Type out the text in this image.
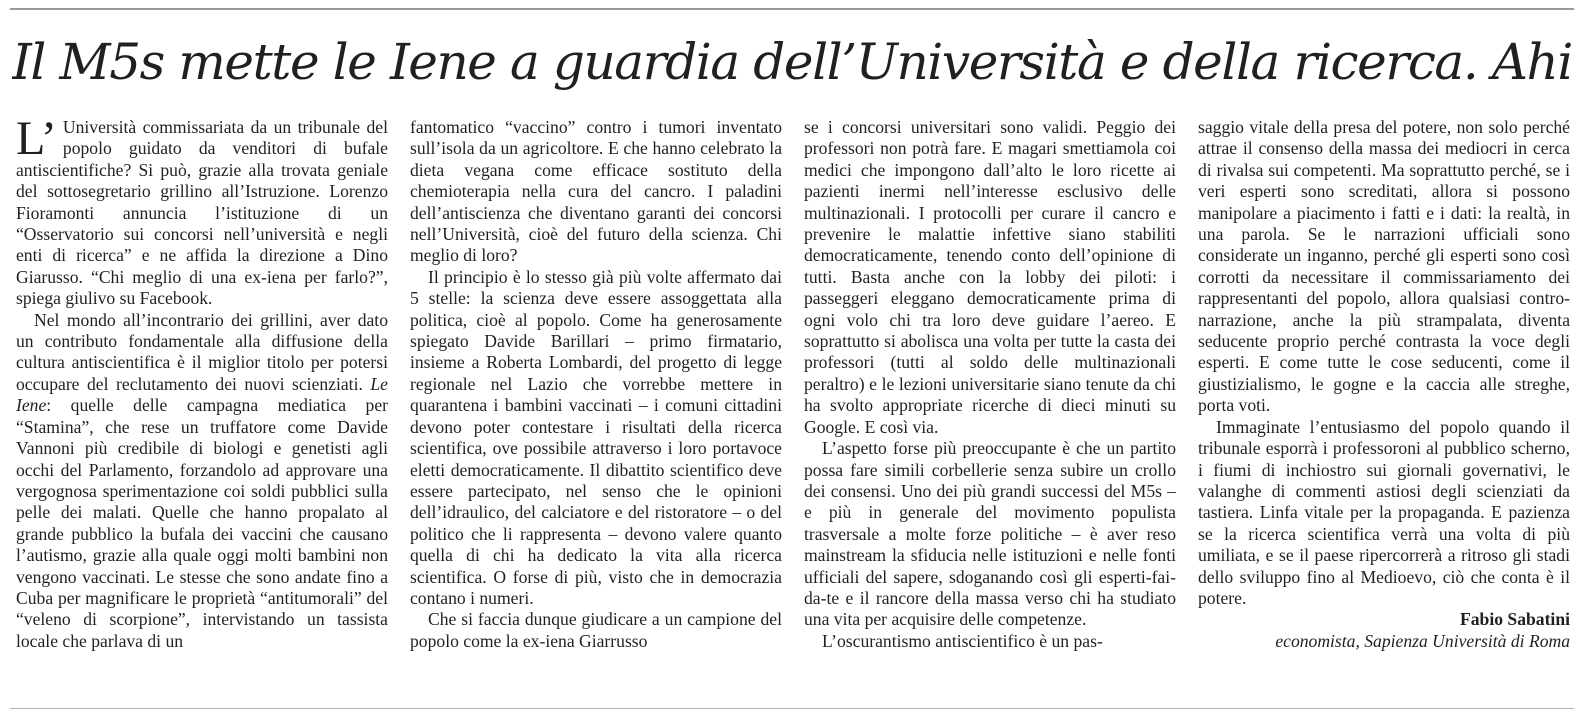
Il M5s mette le Iene a guardia dell’Università e della ricerca. Ahi

L’ Università commissariata da un tribunale del popolo guidato da venditori di bufale antiscientifiche? Si può, grazie alla trovata geniale del sottosegretario grillino all’Istruzione. Lorenzo Fioramonti annuncia l’istituzione di un “Osservatorio sui concorsi nell’università e negli enti di ricerca” e ne affida la direzione a Dino Giarusso. “Chi meglio di una ex-iena per farlo?”, spiega giulivo su Facebook.

Nel mondo all’incontrario dei grillini, aver dato un contributo fondamentale alla diffusione della cultura antiscientifica è il miglior titolo per potersi occupare del reclutamento dei nuovi scienziati. Le Iene: quelle delle campagna mediatica per “Stamina”, che rese un truffatore come Davide Vannoni più credibile di biologi e genetisti agli occhi del Parlamento, forzandolo ad approvare una vergognosa sperimentazione coi soldi pubblici sulla pelle dei malati. Quelle che hanno propalato al grande pubblico la bufala dei vaccini che causano l’autismo, grazie alla quale oggi molti bambini non vengono vaccinati. Le stesse che sono andate fino a Cuba per magnificare le proprietà “antitumorali” del “veleno di scorpione”, intervistando un tassista locale che parlava di un

fantomatico “vaccino” contro i tumori inventato sull’isola da un agricoltore. E che hanno celebrato la dieta vegana come efficace sostituto della chemioterapia nella cura del cancro. I paladini dell’antiscienza che diventano garanti dei concorsi nell’Università, cioè del futuro della scienza. Chi meglio di loro?

Il principio è lo stesso già più volte affermato dai 5 stelle: la scienza deve essere assoggettata alla politica, cioè al popolo. Come ha generosamente spiegato Davide Barillari – primo firmatario, insieme a Roberta Lombardi, del progetto di legge regionale nel Lazio che vorrebbe mettere in quarantena i bambini vaccinati – i comuni cittadini devono poter contestare i risultati della ricerca scientifica, ove possibile attraverso i loro portavoce eletti democraticamente. Il dibattito scientifico deve essere partecipato, nel senso che le opinioni dell’idraulico, del calciatore e del ristoratore – o del politico che li rappresenta – devono valere quanto quella di chi ha dedicato la vita alla ricerca scientifica. O forse di più, visto che in democrazia contano i numeri.

Che si faccia dunque giudicare a un campione del popolo come la ex-iena Giarrusso

se i concorsi universitari sono validi. Peggio dei professori non potrà fare. E magari smettiamola coi medici che impongono dall’alto le loro ricette ai pazienti inermi nell’interesse esclusivo delle multinazionali. I protocolli per curare il cancro e prevenire le malattie infettive siano stabiliti democraticamente, tenendo conto dell’opinione di tutti. Basta anche con la lobby dei piloti: i passeggeri eleggano democraticamente prima di ogni volo chi tra loro deve guidare l’aereo. E soprattutto si abolisca una volta per tutte la casta dei professori (tutti al soldo delle multinazionali peraltro) e le lezioni universitarie siano tenute da chi ha svolto appropriate ricerche di dieci minuti su Google. E così via.

L’aspetto forse più preoccupante è che un partito possa fare simili corbellerie senza subire un crollo dei consensi. Uno dei più grandi successi del M5s – e più in generale del movimento populista trasversale a molte forze politiche – è aver reso mainstream la sfiducia nelle istituzioni e nelle fonti ufficiali del sapere, sdoganando così gli esperti-fai-da-te e il rancore della massa verso chi ha studiato una vita per acquisire delle competenze.

L’oscurantismo antiscientifico è un pas-

saggio vitale della presa del potere, non solo perché attrae il consenso della massa dei mediocri in cerca di rivalsa sui competenti. Ma soprattutto perché, se i veri esperti sono screditati, allora si possono manipolare a piacimento i fatti e i dati: la realtà, in una parola. Se le narrazioni ufficiali sono considerate un inganno, perché gli esperti sono così corrotti da necessitare il commissariamento dei rappresentanti del popolo, allora qualsiasi contro-narrazione, anche la più strampalata, diventa seducente proprio perché contrasta la voce degli esperti. E come tutte le cose seducenti, come il giustizialismo, le gogne e la caccia alle streghe, porta voti.

Immaginate l’entusiasmo del popolo quando il tribunale esporrà i professoroni al pubblico scherno, i fiumi di inchiostro sui giornali governativi, le valanghe di commenti astiosi degli scienziati da tastiera. Linfa vitale per la propaganda. E pazienza se la ricerca scientifica verrà una volta di più umiliata, e se il paese ripercorrerà a ritroso gli stadi dello sviluppo fino al Medioevo, ciò che conta è il potere.

Fabio Sabatini

economista, Sapienza Università di Roma
